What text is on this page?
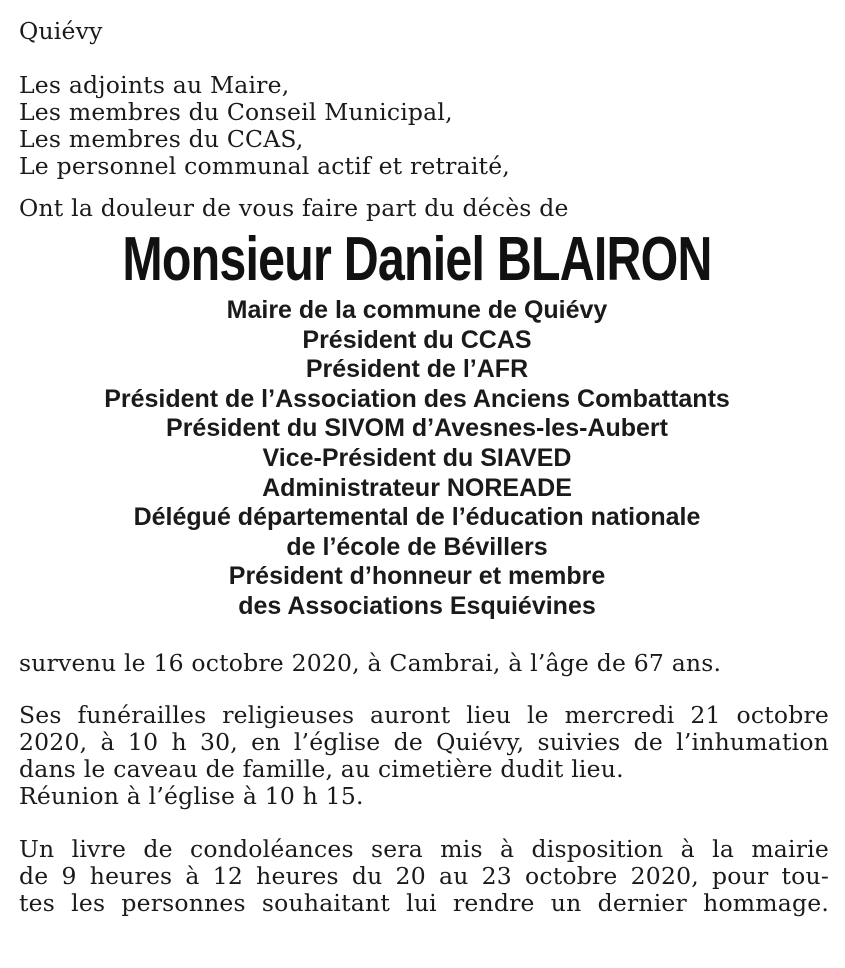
Quiévy
Les adjoints au Maire,
Les membres du Conseil Municipal,
Les membres du CCAS,
Le personnel communal actif et retraité,
Ont la douleur de vous faire part du décès de
Monsieur Daniel BLAIRON
Maire de la commune de Quiévy
Président du CCAS
Président de l’AFR
Président de l’Association des Anciens Combattants
Président du SIVOM d’Avesnes-les-Aubert
Vice-Président du SIAVED
Administrateur NOREADE
Délégué départemental de l’éducation nationale
de l’école de Bévillers
Président d’honneur et membre
des Associations Esquiévines
survenu le 16 octobre 2020, à Cambrai, à l’âge de 67 ans.
Ses funérailles religieuses auront lieu le mercredi 21 octobre
2020, à 10 h 30, en l’église de Quiévy, suivies de l’inhumation
dans le caveau de famille, au cimetière dudit lieu.
Réunion à l’église à 10 h 15.
Un livre de condoléances sera mis à disposition à la mairie
de 9 heures à 12 heures du 20 au 23 octobre 2020, pour tou-
tes les personnes souhaitant lui rendre un dernier hommage.
